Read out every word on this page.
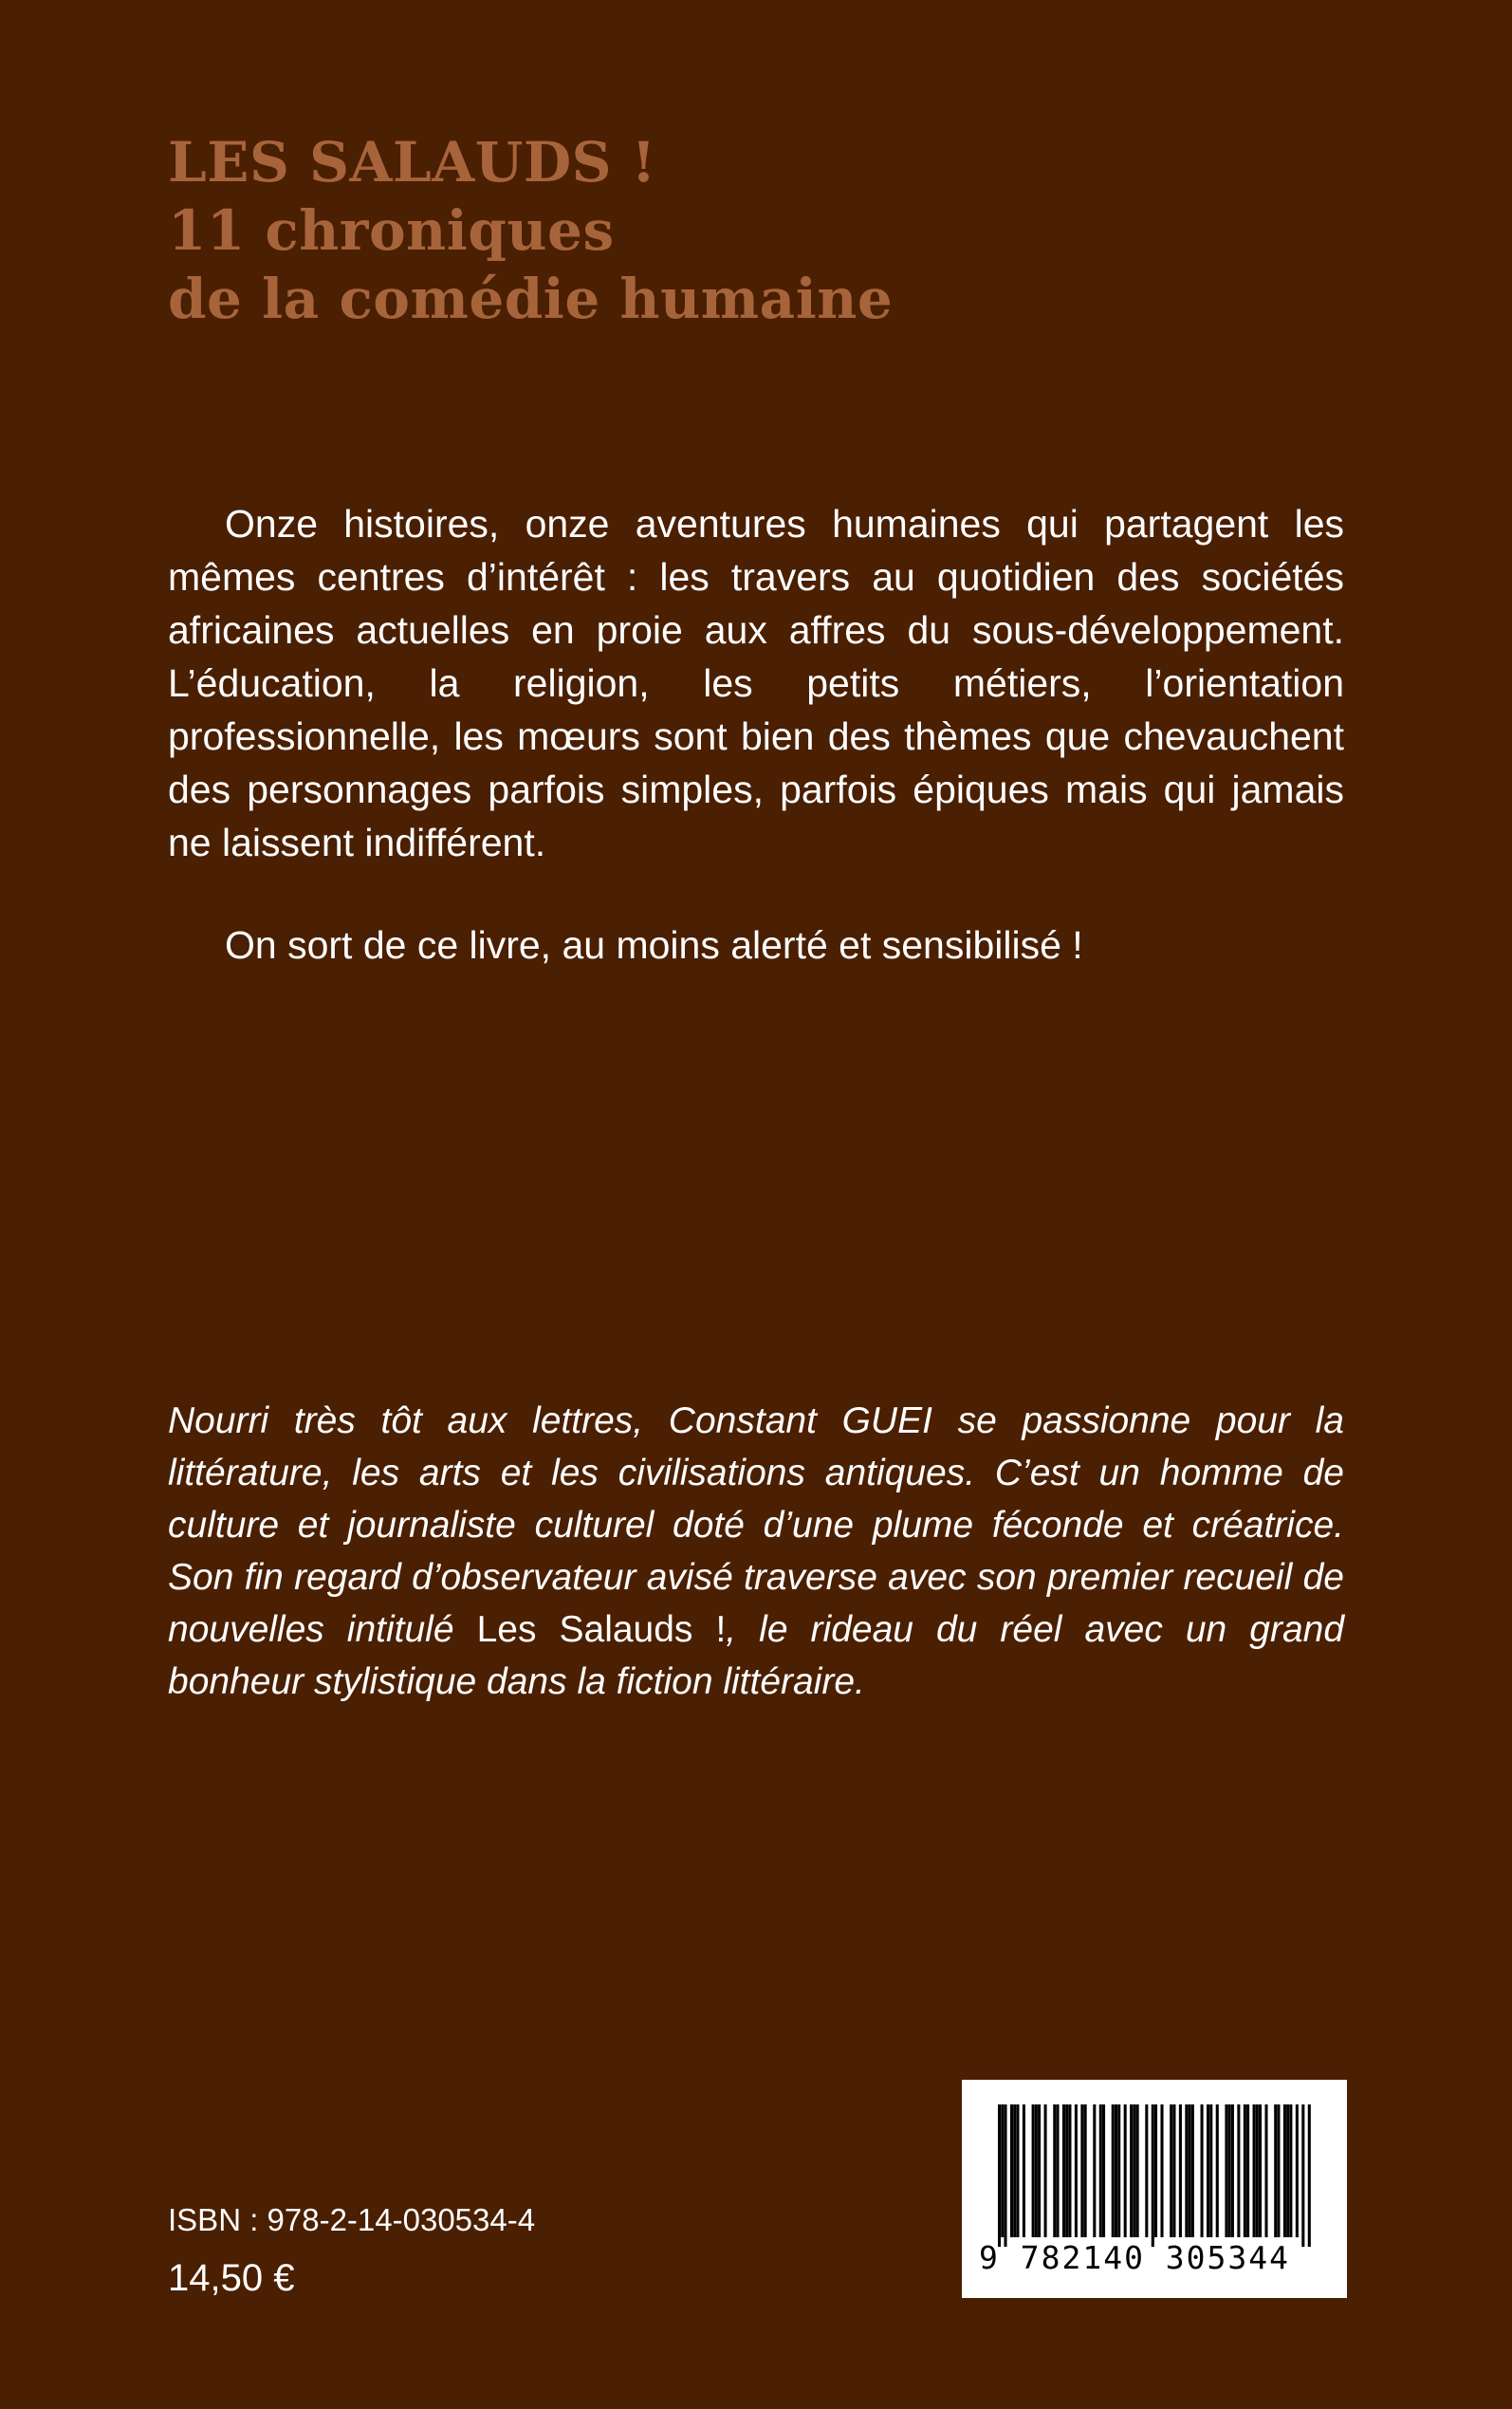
LES SALAUDS !
11 chroniques
de la comédie humaine

Onze histoires, onze aventures humaines qui partagent les mêmes centres d’intérêt : les travers au quotidien des sociétés africaines actuelles en proie aux affres du sous-développement. L’éducation, la religion, les petits métiers, l’orientation professionnelle, les mœurs sont bien des thèmes que chevauchent des personnages parfois simples, parfois épiques mais qui jamais ne laissent indifférent.

On sort de ce livre, au moins alerté et sensibilisé !

Nourri très tôt aux lettres, Constant GUEI se passionne pour la littérature, les arts et les civilisations antiques. C’est un homme de culture et journaliste culturel doté d’une plume féconde et créatrice. Son fin regard d’observateur avisé traverse avec son premier recueil de nouvelles intitulé Les Salauds !, le rideau du réel avec un grand bonheur stylistique dans la fiction littéraire.

ISBN : 978-2-14-030534-4
14,50 €	9 782140 305344
